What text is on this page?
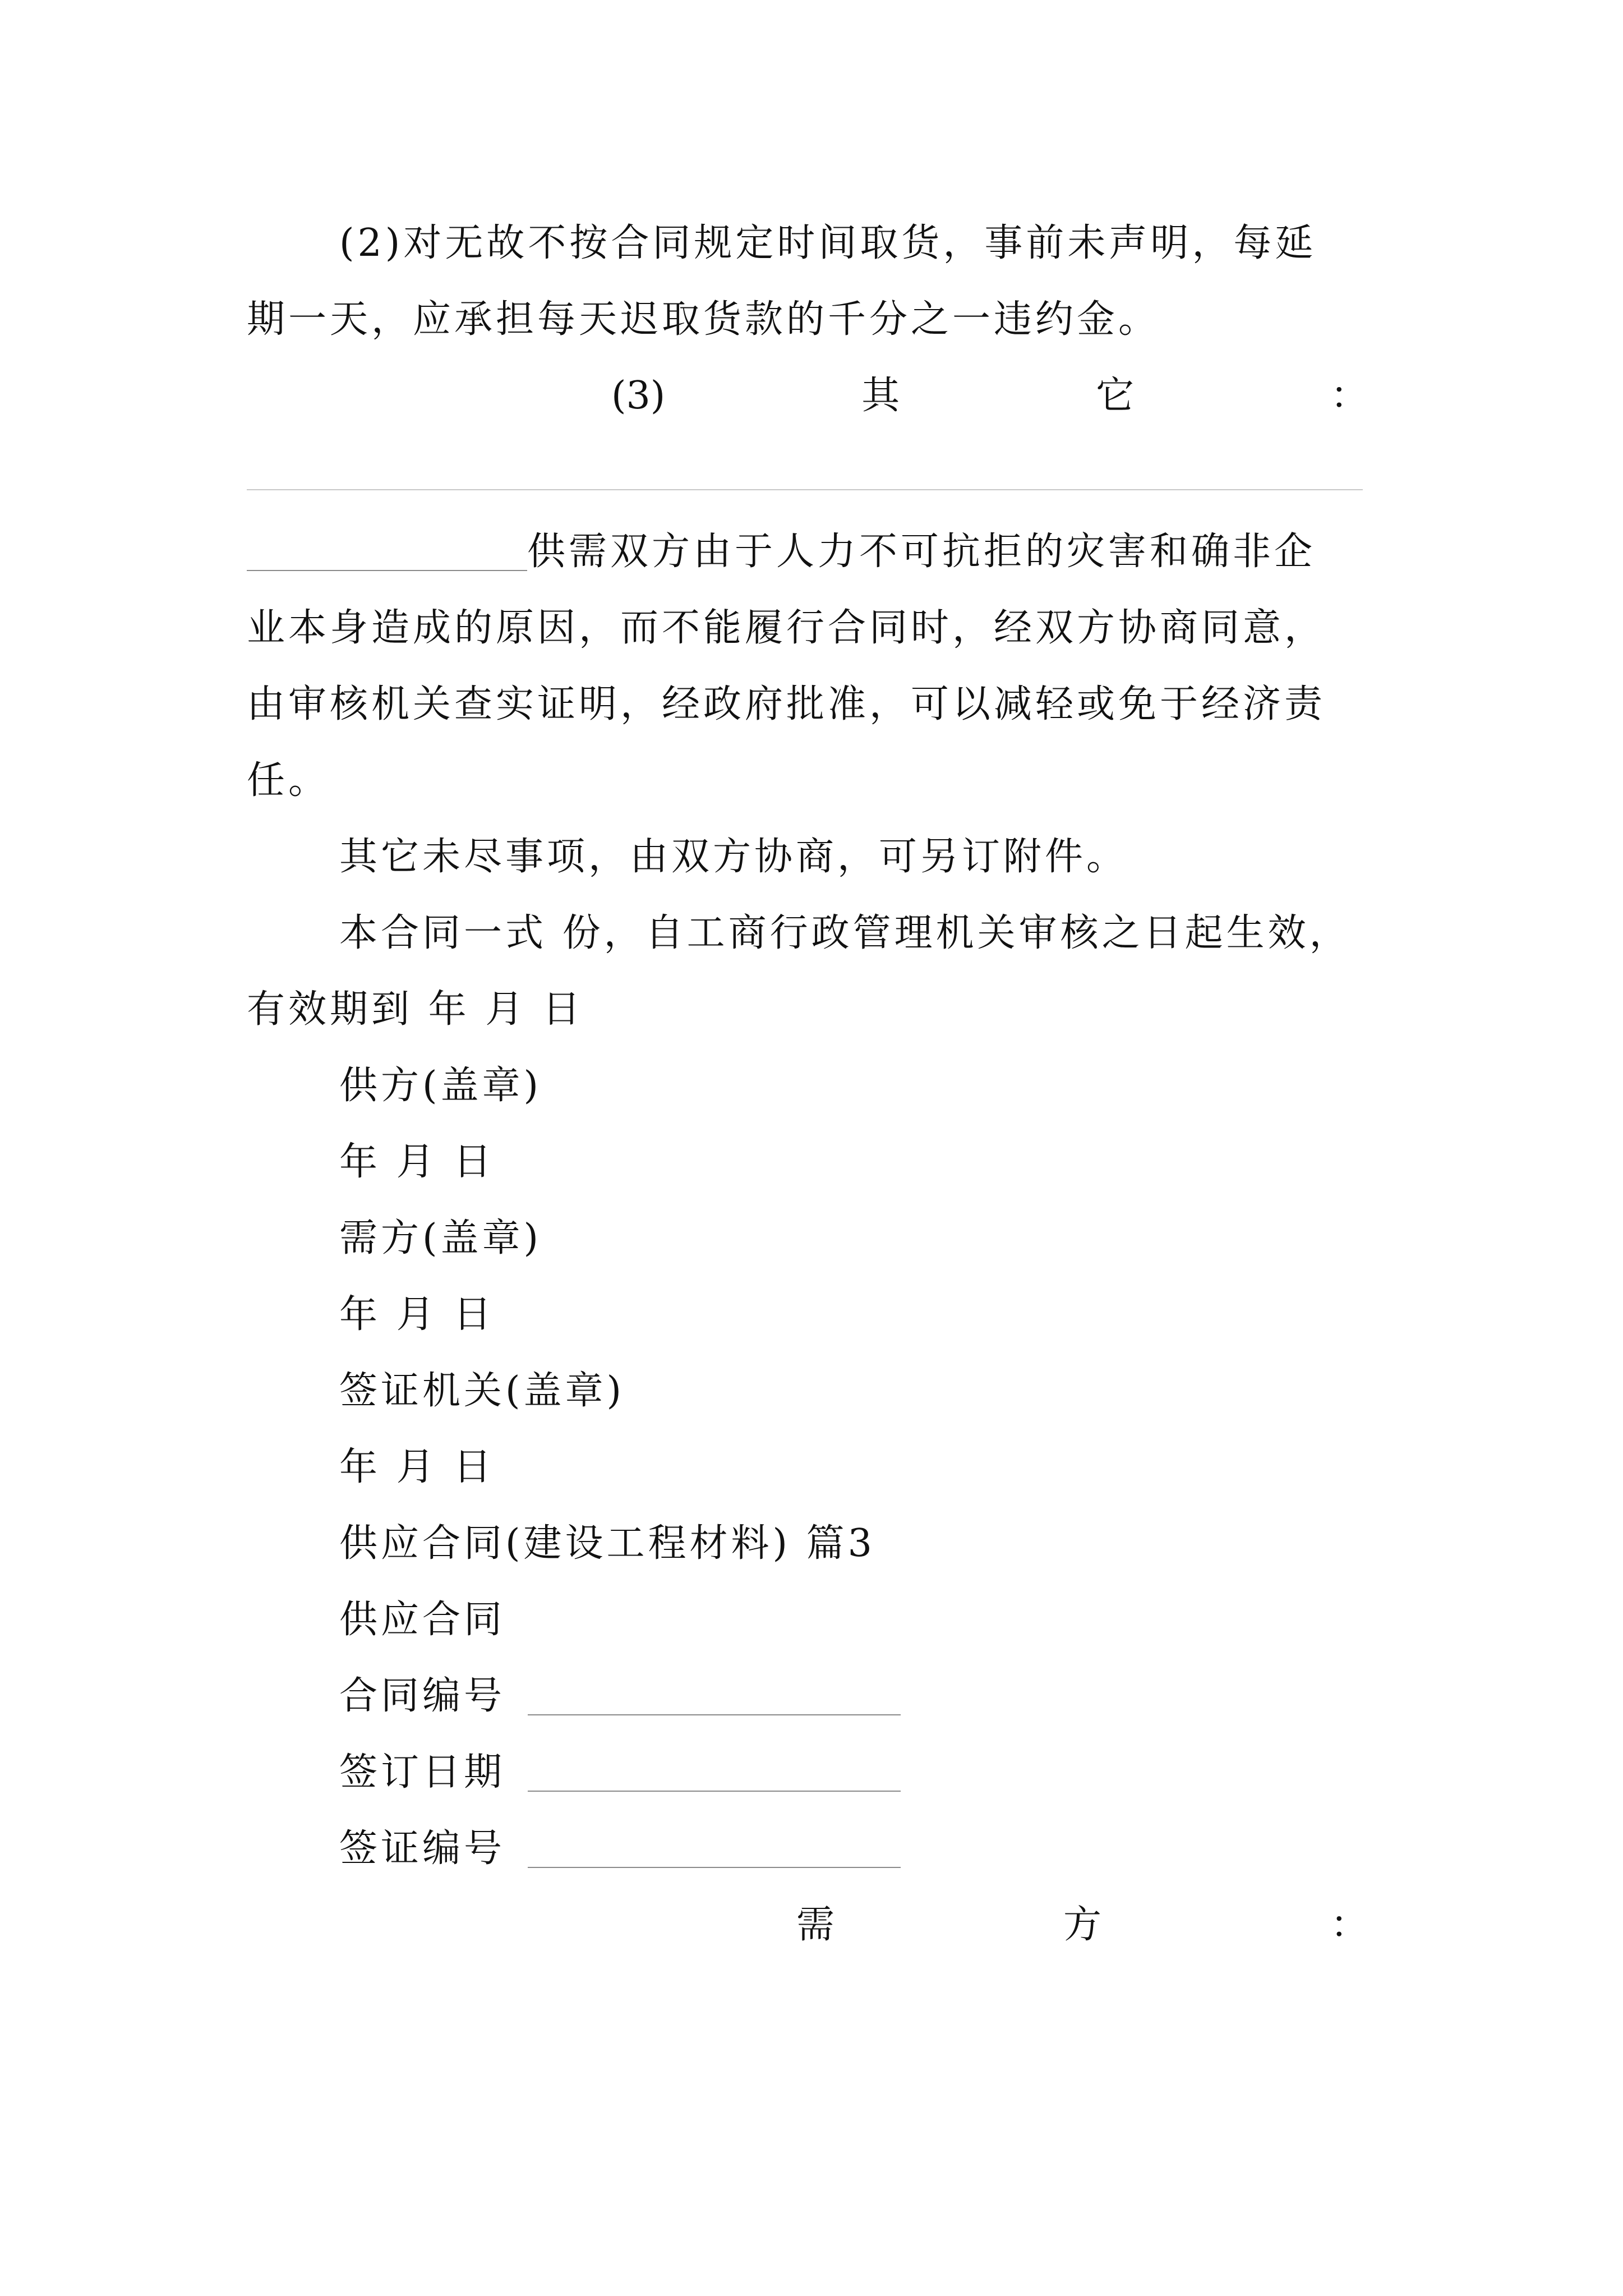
(2)对无故不按合同规定时间取货，事前未声明，每延
期一天，应承担每天迟取货款的千分之一违约金。
(3)	其	它	：
供需双方由于人力不可抗拒的灾害和确非企
业本身造成的原因，而不能履行合同时，经双方协商同意，
由审核机关查实证明，经政府批准，可以减轻或免于经济责
任。
其它未尽事项，由双方协商，可另订附件。
本合同一式 份，自工商行政管理机关审核之日起生效，
有效期到 年 月 日
供方(盖章)
年 月 日
需方(盖章)
年 月 日
签证机关(盖章)
年 月 日
供应合同(建设工程材料) 篇3
供应合同
合同编号
签订日期
签证编号
需	方	：
